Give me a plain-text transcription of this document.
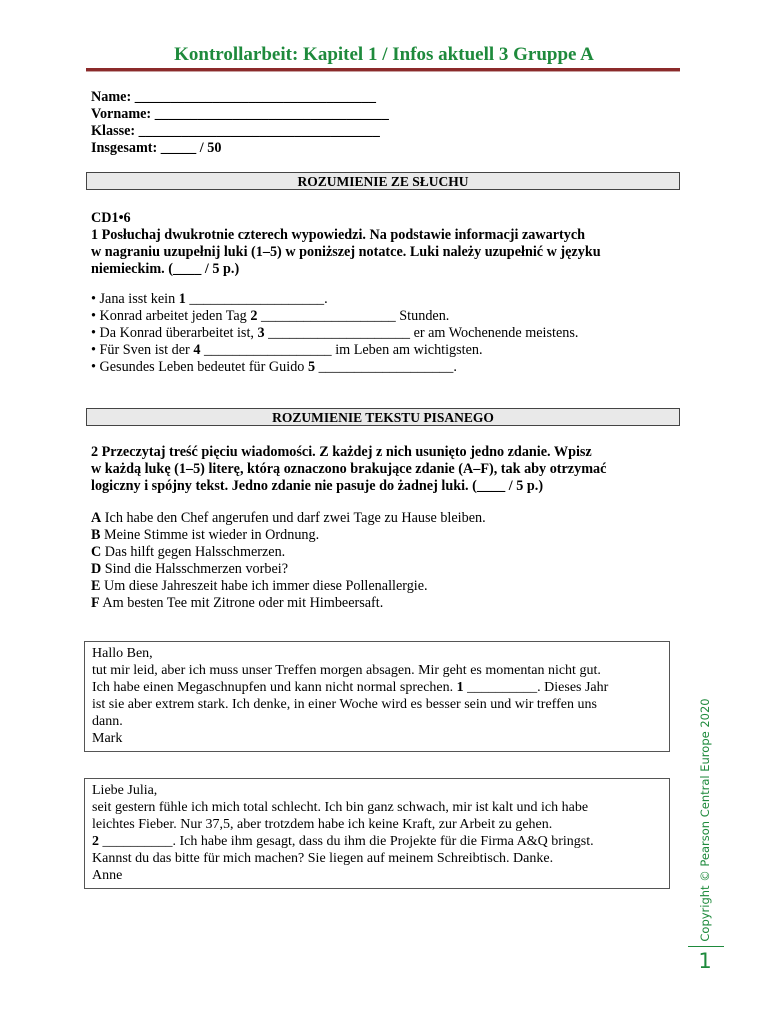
Kontrollarbeit: Kapitel 1 / Infos aktuell 3 Gruppe A
Name: __________________________________
Vorname: _________________________________
Klasse: __________________________________
Insgesamt: _____ / 50
ROZUMIENIE ZE SŁUCHU
CD1•6
1 Posłuchaj dwukrotnie czterech wypowiedzi. Na podstawie informacji zawartych
w nagraniu uzupełnij luki (1–5) w poniższej notatce. Luki należy uzupełnić w języku
niemieckim. (____ / 5 p.)
• Jana isst kein 1 ___________________.
• Konrad arbeitet jeden Tag 2 ___________________ Stunden.
• Da Konrad überarbeitet ist, 3 ____________________ er am Wochenende meistens.
• Für Sven ist der 4 __________________ im Leben am wichtigsten.
• Gesundes Leben bedeutet für Guido 5 ___________________.
ROZUMIENIE TEKSTU PISANEGO
2 Przeczytaj treść pięciu wiadomości. Z każdej z nich usunięto jedno zdanie. Wpisz
w każdą lukę (1–5) literę, którą oznaczono brakujące zdanie (A–F), tak aby otrzymać
logiczny i spójny tekst. Jedno zdanie nie pasuje do żadnej luki. (____ / 5 p.)
A Ich habe den Chef angerufen und darf zwei Tage zu Hause bleiben.
B Meine Stimme ist wieder in Ordnung.
C Das hilft gegen Halsschmerzen.
D Sind die Halsschmerzen vorbei?
E Um diese Jahreszeit habe ich immer diese Pollenallergie.
F Am besten Tee mit Zitrone oder mit Himbeersaft.
Hallo Ben,
tut mir leid, aber ich muss unser Treffen morgen absagen. Mir geht es momentan nicht gut.
Ich habe einen Megaschnupfen und kann nicht normal sprechen. 1 __________. Dieses Jahr
ist sie aber extrem stark. Ich denke, in einer Woche wird es besser sein und wir treffen uns
dann.
Mark
Liebe Julia,
seit gestern fühle ich mich total schlecht. Ich bin ganz schwach, mir ist kalt und ich habe
leichtes Fieber. Nur 37,5, aber trotzdem habe ich keine Kraft, zur Arbeit zu gehen.
2 __________. Ich habe ihm gesagt, dass du ihm die Projekte für die Firma A&Q bringst.
Kannst du das bitte für mich machen? Sie liegen auf meinem Schreibtisch. Danke.
Anne	Copyright © Pearson Central Europe 2020
1
